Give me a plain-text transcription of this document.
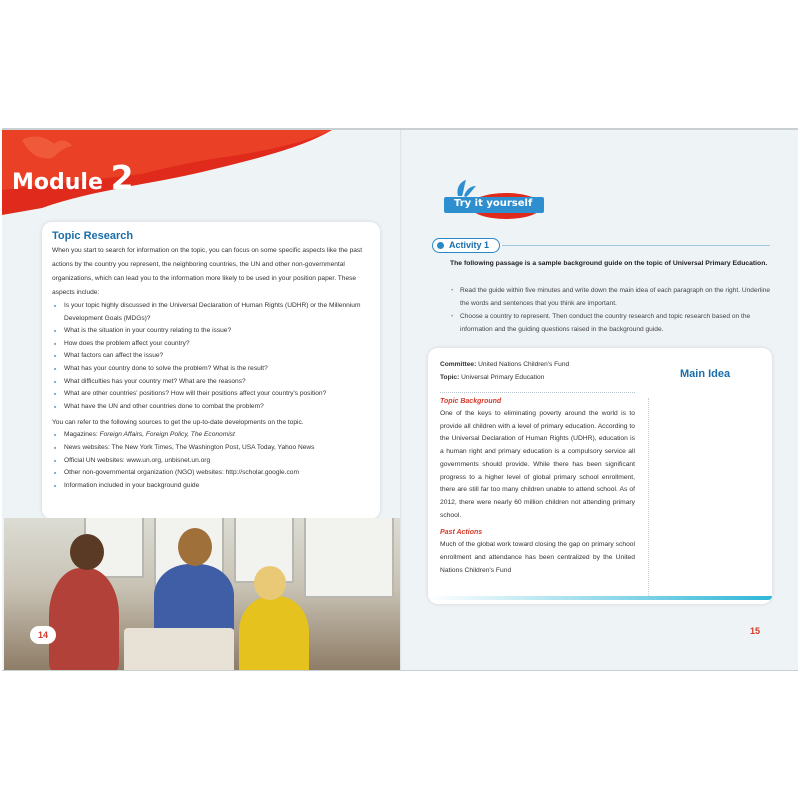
Module 2
Topic Research

When you start to search for information on the topic, you can focus on some specific aspects like the past actions by the country you represent, the neighboring countries, the UN and other non-governmental organizations, which can lead you to the information more likely to be used in your position paper. These aspects include:

■ Is your topic highly discussed in the Universal Declaration of Human Rights (UDHR) or the Millennium Development Goals (MDGs)?
■ What is the situation in your country relating to the issue?
■ How does the problem affect your country?
■ What factors can affect the issue?
■ What has your country done to solve the problem? What is the result?
■ What difficulties has your country met? What are the reasons?
■ What are other countries' positions? How will their positions affect your country's position?
■ What have the UN and other countries done to combat the problem?

You can refer to the following sources to get the up-to-date developments on the topic.

■ Magazines: Foreign Affairs, Foreign Policy, The Economist
■ News websites: The New York Times, The Washington Post, USA Today, Yahoo News
■ Official UN websites: www.un.org, unbisnet.un.org
■ Other non-governmental organization (NGO) websites: http://scholar.google.com
■ Information included in your background guide
14
Try it yourself
Activity 1

The following passage is a sample background guide on the topic of Universal Primary Education.

• Read the guide within five minutes and write down the main idea of each paragraph on the right. Underline the words and sentences that you think are important.
• Choose a country to represent. Then conduct the country research and topic research based on the information and the guiding questions raised in the background guide.
Committee: United Nations Children's Fund
Topic: Universal Primary Education	Main Idea
Topic Background

One of the keys to eliminating poverty around the world is to provide all children with a level of primary education. According to the Universal Declaration of Human Rights (UDHR), education is a human right and primary education is a compulsory service all governments should provide. While there has been significant progress to a higher level of global primary school enrollment, there are still far too many children unable to attend school. As of 2012, there were nearly 60 million children not attending primary school.

Past Actions

Much of the global work toward closing the gap on primary school enrollment and attendance has been centralized by the United Nations Children's Fund

15
